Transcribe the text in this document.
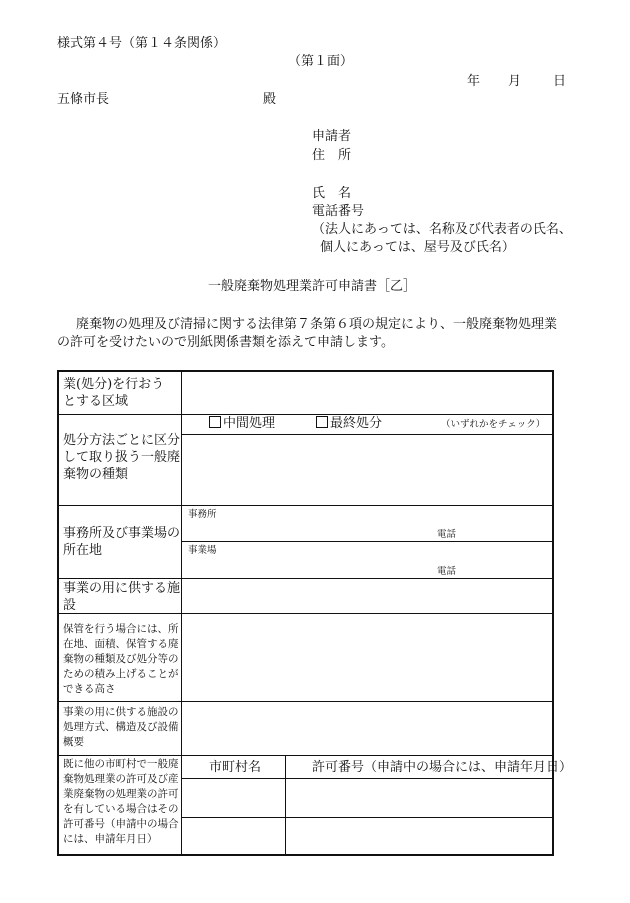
様式第４号（第１４条関係）
（第１面）
年 月 日
五條市長	殿
申請者
住　所
氏　名
電話番号
（法人にあっては、名称及び代表者の氏名、
個人にあっては、屋号及び氏名）
一般廃棄物処理業許可申請書［乙］
廃棄物の処理及び清掃に関する法律第７条第６項の規定により、一般廃棄物処理業
の許可を受けたいので別紙関係書類を添えて申請します。
業(処分)を行おうとする区域
処分方法ごとに区分して取り扱う一般廃棄物の種類
中間処理	最終処分	（いずれかをチェック）
事務所及び事業場の所在地
事務所
電話
事業場
電話
事業の用に供する施設
保管を行う場合には、所在地、面積、保管する廃棄物の種類及び処分等のための積み上げることができる高さ
事業の用に供する施設の処理方式、構造及び設備概要
既に他の市町村で一般廃棄物処理業の許可及び産業廃棄物の処理業の許可を有している場合はその許可番号（申請中の場合には、申請年月日）
市町村名	許可番号（申請中の場合には、申請年月日）
